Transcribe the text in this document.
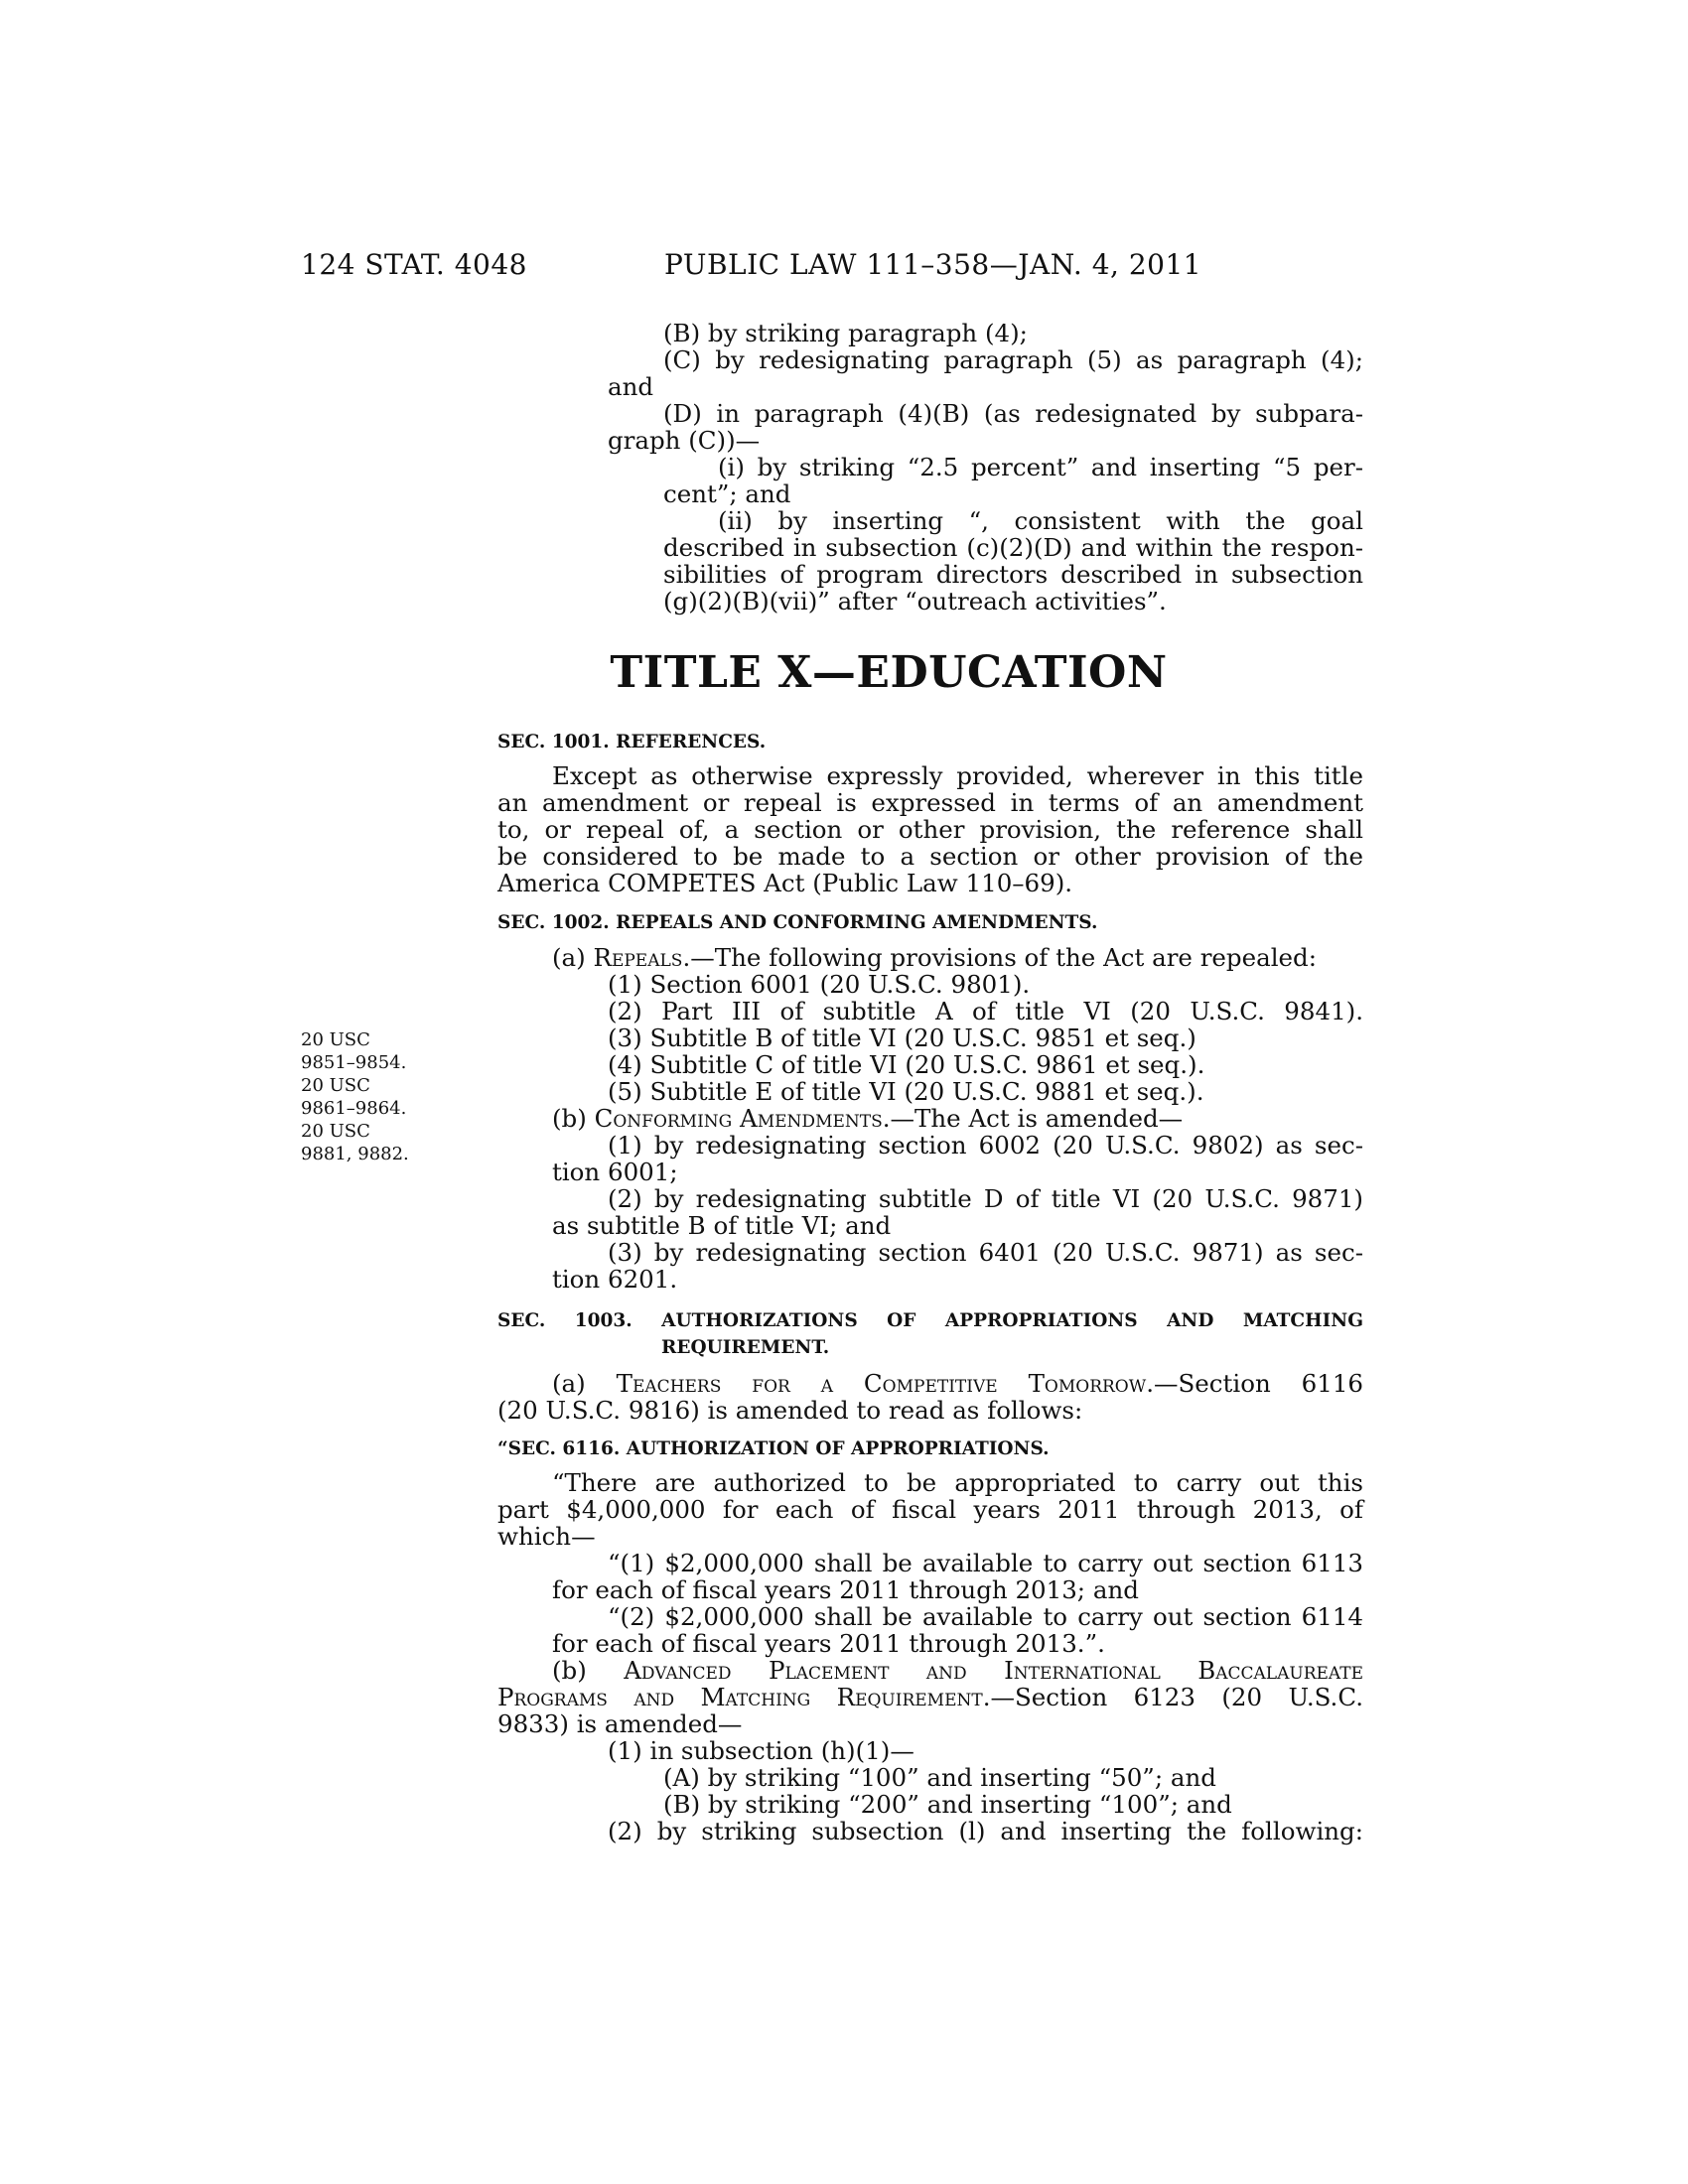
124 STAT. 4048	PUBLIC LAW 111–358—JAN. 4, 2011
(B) by striking paragraph (4);
(C) by redesignating paragraph (5) as paragraph (4);
and
(D) in paragraph (4)(B) (as redesignated by subpara-
graph (C))—
(i) by striking “2.5 percent” and inserting “5 per-
cent”; and
(ii) by inserting “, consistent with the goal
described in subsection (c)(2)(D) and within the respon-
sibilities of program directors described in subsection
(g)(2)(B)(vii)” after “outreach activities”.
TITLE X—EDUCATION
SEC. 1001. REFERENCES.
Except as otherwise expressly provided, wherever in this title
an amendment or repeal is expressed in terms of an amendment
to, or repeal of, a section or other provision, the reference shall
be considered to be made to a section or other provision of the
America COMPETES Act (Public Law 110–69).
SEC. 1002. REPEALS AND CONFORMING AMENDMENTS.
(a) Repeals.—The following provisions of the Act are repealed:
(1) Section 6001 (20 U.S.C. 9801).
(2) Part III of subtitle A of title VI (20 U.S.C. 9841).
(3) Subtitle B of title VI (20 U.S.C. 9851 et seq.)
(4) Subtitle C of title VI (20 U.S.C. 9861 et seq.).
(5) Subtitle E of title VI (20 U.S.C. 9881 et seq.).
(b) Conforming Amendments.—The Act is amended—
(1) by redesignating section 6002 (20 U.S.C. 9802) as sec-
tion 6001;
(2) by redesignating subtitle D of title VI (20 U.S.C. 9871)
as subtitle B of title VI; and
(3) by redesignating section 6401 (20 U.S.C. 9871) as sec-
tion 6201.
SEC. 1003. AUTHORIZATIONS OF APPROPRIATIONS AND MATCHING
REQUIREMENT.
(a) Teachers for a Competitive Tomorrow.—Section 6116
(20 U.S.C. 9816) is amended to read as follows:
“SEC. 6116. AUTHORIZATION OF APPROPRIATIONS.
“There are authorized to be appropriated to carry out this
part $4,000,000 for each of fiscal years 2011 through 2013, of
which—
“(1) $2,000,000 shall be available to carry out section 6113
for each of fiscal years 2011 through 2013; and
“(2) $2,000,000 shall be available to carry out section 6114
for each of fiscal years 2011 through 2013.”.
(b) Advanced Placement and International Baccalaureate
Programs and Matching Requirement.—Section 6123 (20 U.S.C.
9833) is amended—
(1) in subsection (h)(1)—
(A) by striking “100” and inserting “50”; and
(B) by striking “200” and inserting “100”; and
(2) by striking subsection (l) and inserting the following:
20 USC
9851–9854.
20 USC
9861–9864.
20 USC
9881, 9882.
